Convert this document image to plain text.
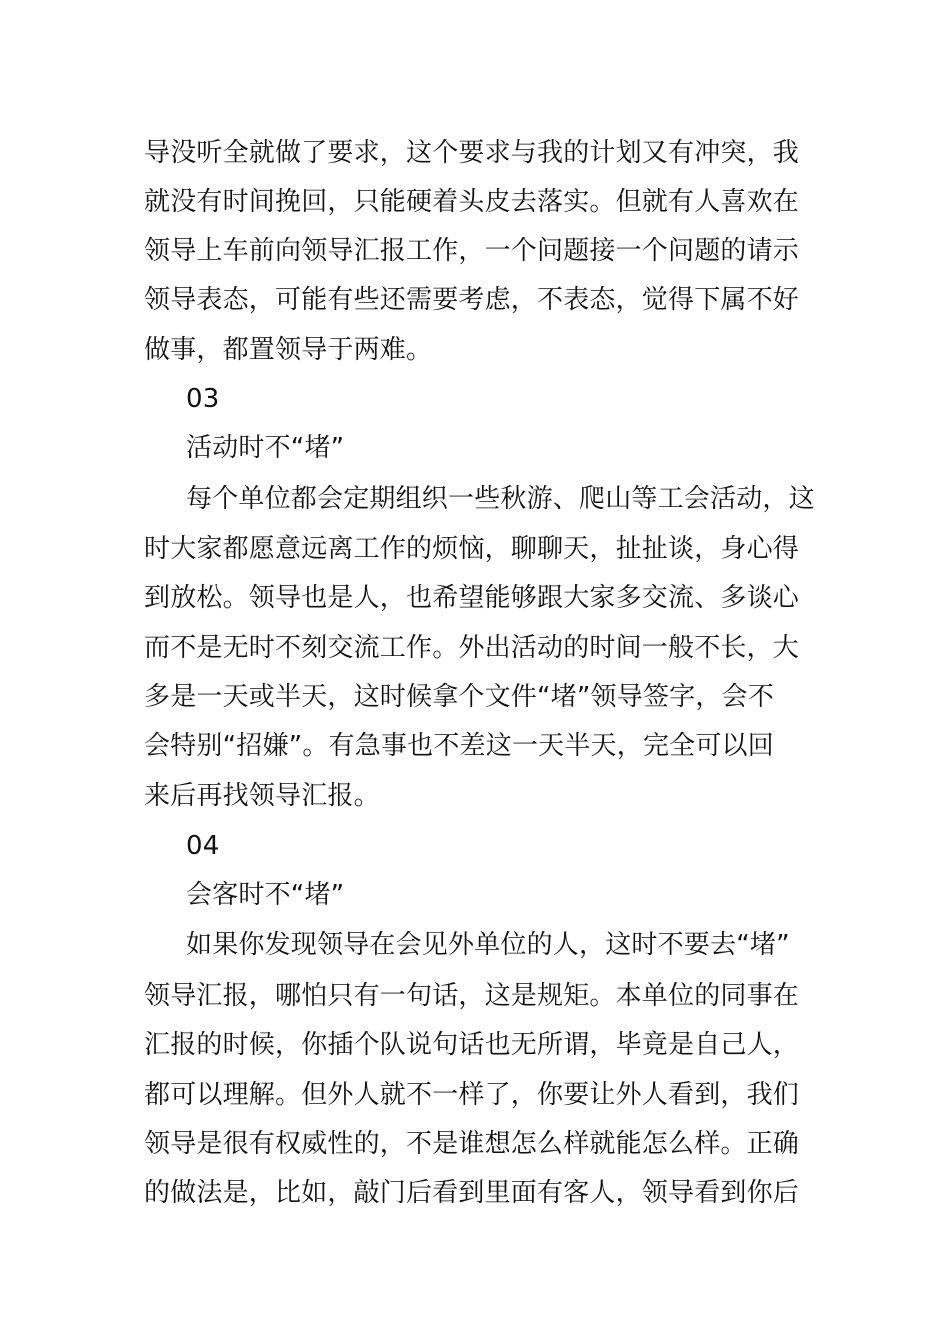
导没听全就做了要求，这个要求与我的计划又有冲突，我
就没有时间挽回，只能硬着头皮去落实。但就有人喜欢在
领导上车前向领导汇报工作，一个问题接一个问题的请示
领导表态，可能有些还需要考虑，不表态，觉得下属不好
做事，都置领导于两难。
03
活动时不“堵”
每个单位都会定期组织一些秋游、爬山等工会活动，这
时大家都愿意远离工作的烦恼，聊聊天，扯扯谈，身心得
到放松。领导也是人，也希望能够跟大家多交流、多谈心
而不是无时不刻交流工作。外出活动的时间一般不长，大
多是一天或半天，这时候拿个文件“堵”领导签字，会不
会特别“招嫌”。有急事也不差这一天半天，完全可以回
来后再找领导汇报。
04
会客时不“堵”
如果你发现领导在会见外单位的人，这时不要去“堵”
领导汇报，哪怕只有一句话，这是规矩。本单位的同事在
汇报的时候，你插个队说句话也无所谓，毕竟是自己人，
都可以理解。但外人就不一样了，你要让外人看到，我们
领导是很有权威性的，不是谁想怎么样就能怎么样。正确
的做法是，比如，敲门后看到里面有客人，领导看到你后
